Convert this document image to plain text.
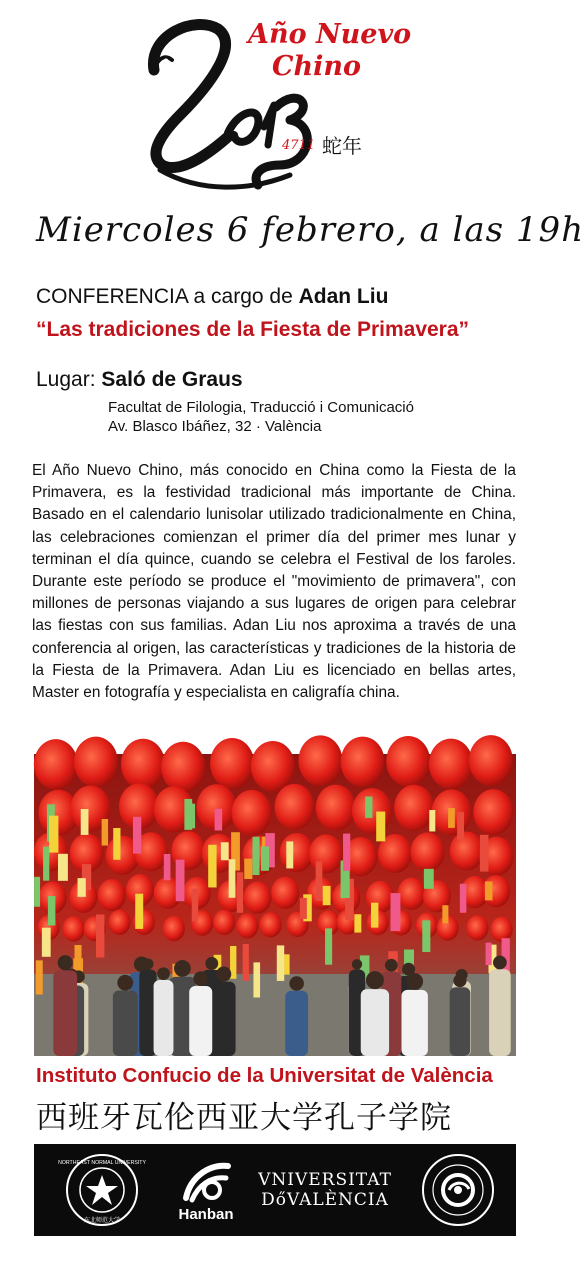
Año Nuevo
Chino
4711 蛇年
Miercoles 6 febrero, a las 19h
CONFERENCIA a cargo de Adan Liu
“Las tradiciones de la Fiesta de Primavera”
Lugar: Saló de Graus
Facultat de Filologia, Traducció i Comunicació
Av. Blasco Ibáñez, 32 · València
El Año Nuevo Chino, más conocido en China como la Fiesta de la Primavera, es la festividad tradicional más importante de China. Basado en el calendario lunisolar utilizado tradicionalmente en China, las celebraciones comienzan el primer día del primer mes lunar y terminan el día quince, cuando se celebra el Festival de los faroles. Durante este período se produce el "movimiento de primavera", con millones de personas viajando a sus lugares de origen para celebrar las fiestas con sus familias. Adan Liu nos aproxima a través de una conferencia al origen, las características y tradiciones de la historia de la Fiesta de la Primavera. Adan Liu es licenciado en bellas artes, Master en fotografía y especialista en caligrafía china.
Instituto Confucio de la Universitat de València
西班牙瓦伦西亚大学孔子学院
NORTHEAST NORMAL UNIVERSITY
东北师范大学	Hanban
VNIVERSITAT
DőVALÈNCIA
